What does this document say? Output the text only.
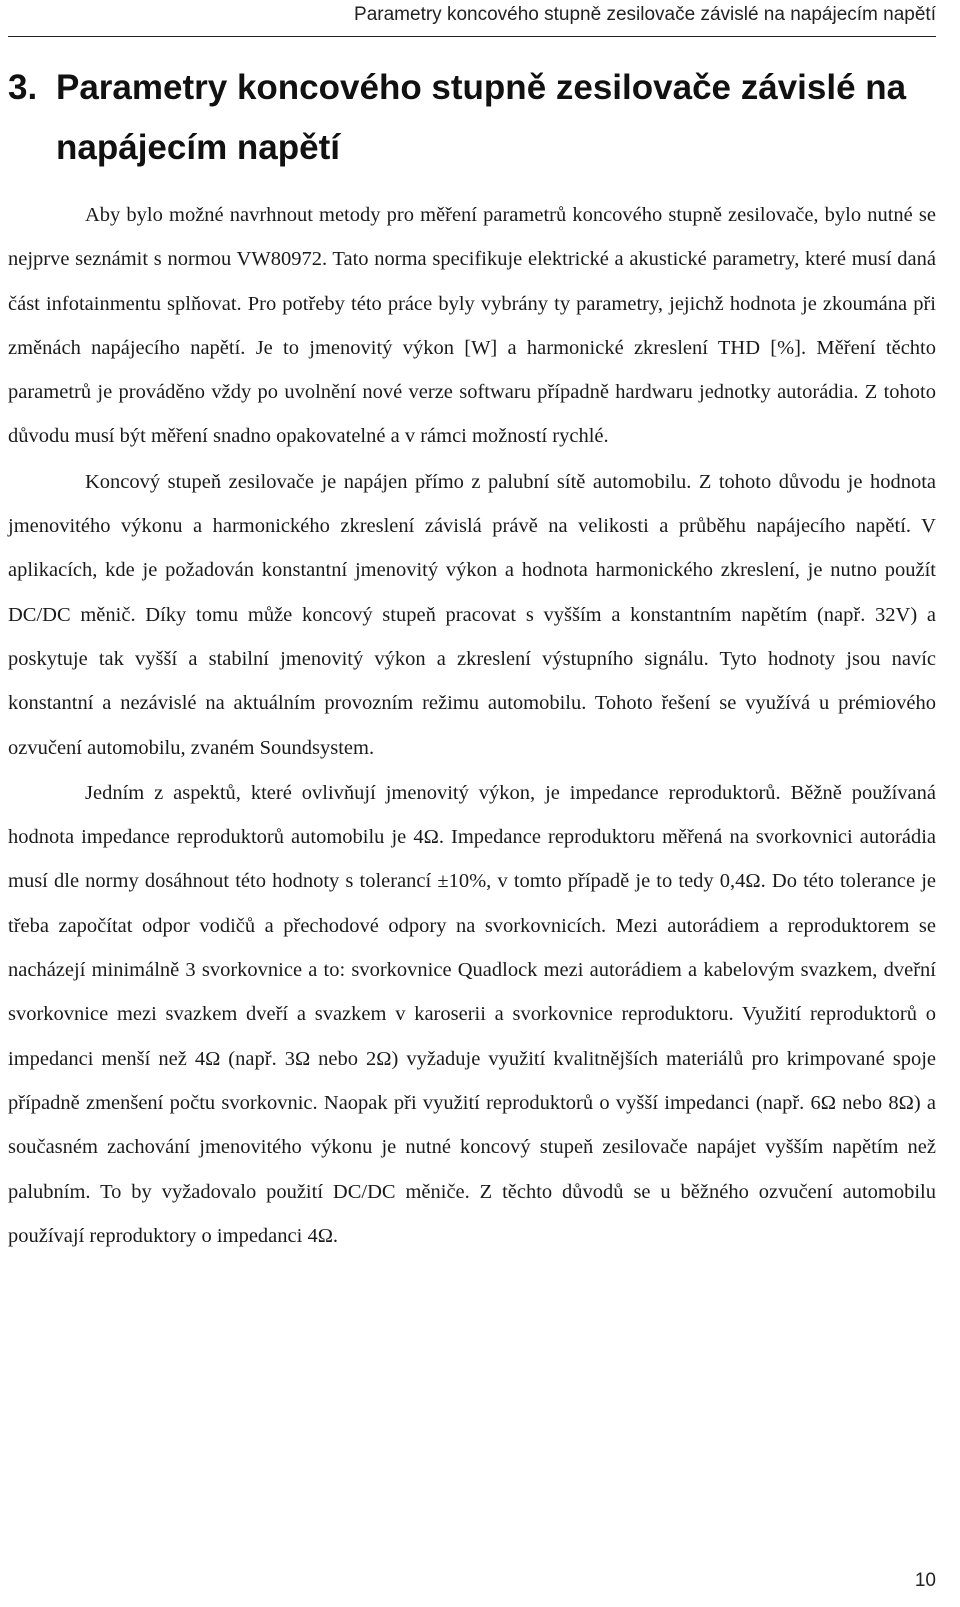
Parametry koncového stupně zesilovače závislé na napájecím napětí
3. Parametry koncového stupně zesilovače závislé na
napájecím napětí

Aby bylo možné navrhnout metody pro měření parametrů koncového stupně zesilovače, bylo nutné se nejprve seznámit s normou VW80972. Tato norma specifikuje elektrické a akustické parametry, které musí daná část infotainmentu splňovat. Pro potřeby této práce byly vybrány ty parametry, jejichž hodnota je zkoumána při změnách napájecího napětí. Je to jmenovitý výkon [W] a harmonické zkreslení THD [%]. Měření těchto parametrů je prováděno vždy po uvolnění nové verze softwaru případně hardwaru jednotky autorádia. Z tohoto důvodu musí být měření snadno opakovatelné a v rámci možností rychlé.

Koncový stupeň zesilovače je napájen přímo z palubní sítě automobilu. Z tohoto důvodu je hodnota jmenovitého výkonu a harmonického zkreslení závislá právě na velikosti a průběhu napájecího napětí. V aplikacích, kde je požadován konstantní jmenovitý výkon a hodnota harmonického zkreslení, je nutno použít DC/DC měnič. Díky tomu může koncový stupeň pracovat s vyšším a konstantním napětím (např. 32V) a poskytuje tak vyšší a stabilní jmenovitý výkon a zkreslení výstupního signálu. Tyto hodnoty jsou navíc konstantní a nezávislé na aktuálním provozním režimu automobilu. Tohoto řešení se využívá u prémiového ozvučení automobilu, zvaném Soundsystem.

Jedním z aspektů, které ovlivňují jmenovitý výkon, je impedance reproduktorů. Běžně používaná hodnota impedance reproduktorů automobilu je 4Ω. Impedance reproduktoru měřená na svorkovnici autorádia musí dle normy dosáhnout této hodnoty s tolerancí ±10%, v tomto případě je to tedy 0,4Ω. Do této tolerance je třeba započítat odpor vodičů a přechodové odpory na svorkovnicích. Mezi autorádiem a reproduktorem se nacházejí minimálně 3 svorkovnice a to: svorkovnice Quadlock mezi autorádiem a kabelovým svazkem, dveřní svorkovnice mezi svazkem dveří a svazkem v karoserii a svorkovnice reproduktoru. Využití reproduktorů o impedanci menší než 4Ω (např. 3Ω nebo 2Ω) vyžaduje využití kvalitnějších materiálů pro krimpované spoje případně zmenšení počtu svorkovnic. Naopak při využití reproduktorů o vyšší impedanci (např. 6Ω nebo 8Ω) a současném zachování jmenovitého výkonu je nutné koncový stupeň zesilovače napájet vyšším napětím než palubním. To by vyžadovalo použití DC/DC měniče. Z těchto důvodů se u běžného ozvučení automobilu používají reproduktory o impedanci 4Ω.

10
